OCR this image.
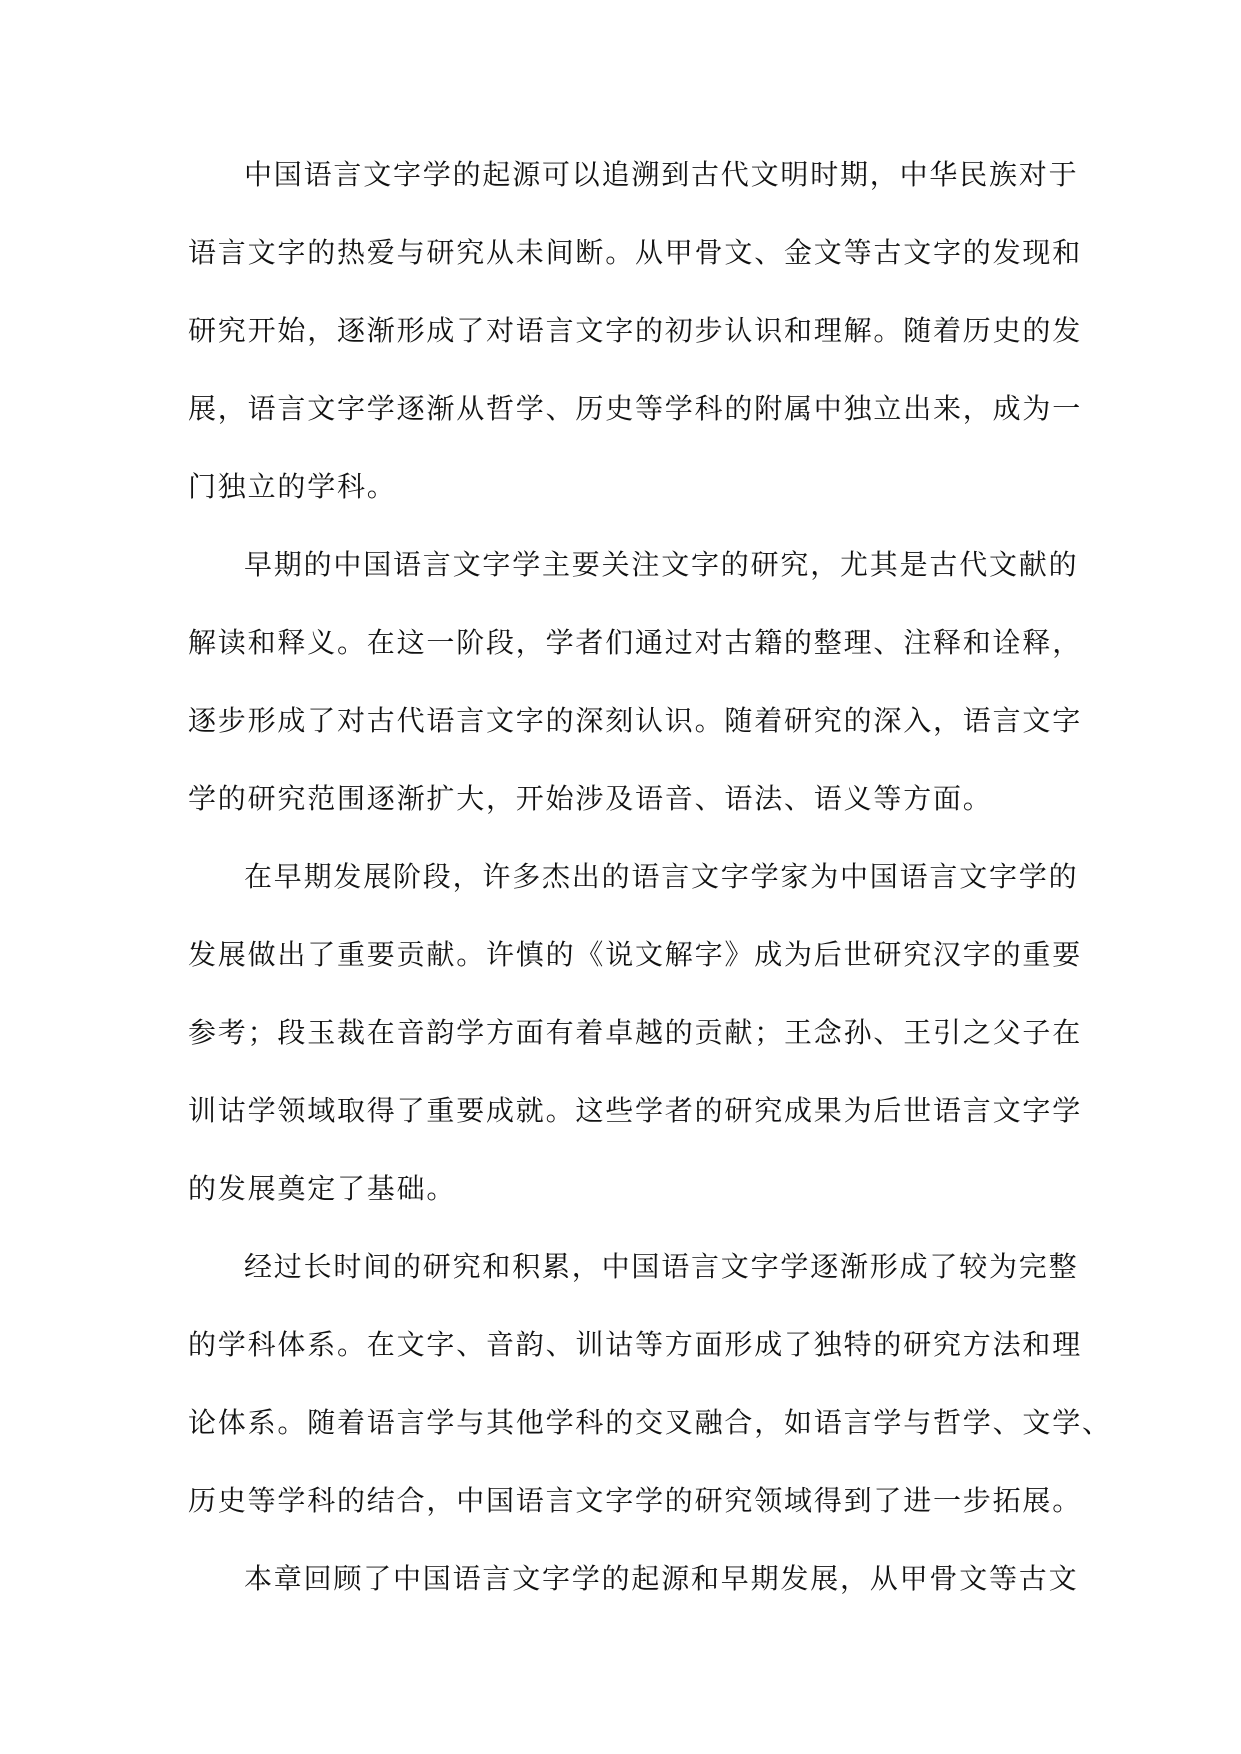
中国语言文字学的起源可以追溯到古代文明时期，中华民族对于

语言文字的热爱与研究从未间断。从甲骨文、金文等古文字的发现和

研究开始，逐渐形成了对语言文字的初步认识和理解。随着历史的发

展，语言文字学逐渐从哲学、历史等学科的附属中独立出来，成为一

门独立的学科。

早期的中国语言文字学主要关注文字的研究，尤其是古代文献的

解读和释义。在这一阶段，学者们通过对古籍的整理、注释和诠释，

逐步形成了对古代语言文字的深刻认识。随着研究的深入，语言文字

学的研究范围逐渐扩大，开始涉及语音、语法、语义等方面。

在早期发展阶段，许多杰出的语言文字学家为中国语言文字学的

发展做出了重要贡献。许慎的《说文解字》成为后世研究汉字的重要

参考；段玉裁在音韵学方面有着卓越的贡献；王念孙、王引之父子在

训诂学领域取得了重要成就。这些学者的研究成果为后世语言文字学

的发展奠定了基础。

经过长时间的研究和积累，中国语言文字学逐渐形成了较为完整

的学科体系。在文字、音韵、训诂等方面形成了独特的研究方法和理

论体系。随着语言学与其他学科的交叉融合，如语言学与哲学、文学、

历史等学科的结合，中国语言文字学的研究领域得到了进一步拓展。

本章回顾了中国语言文字学的起源和早期发展，从甲骨文等古文
